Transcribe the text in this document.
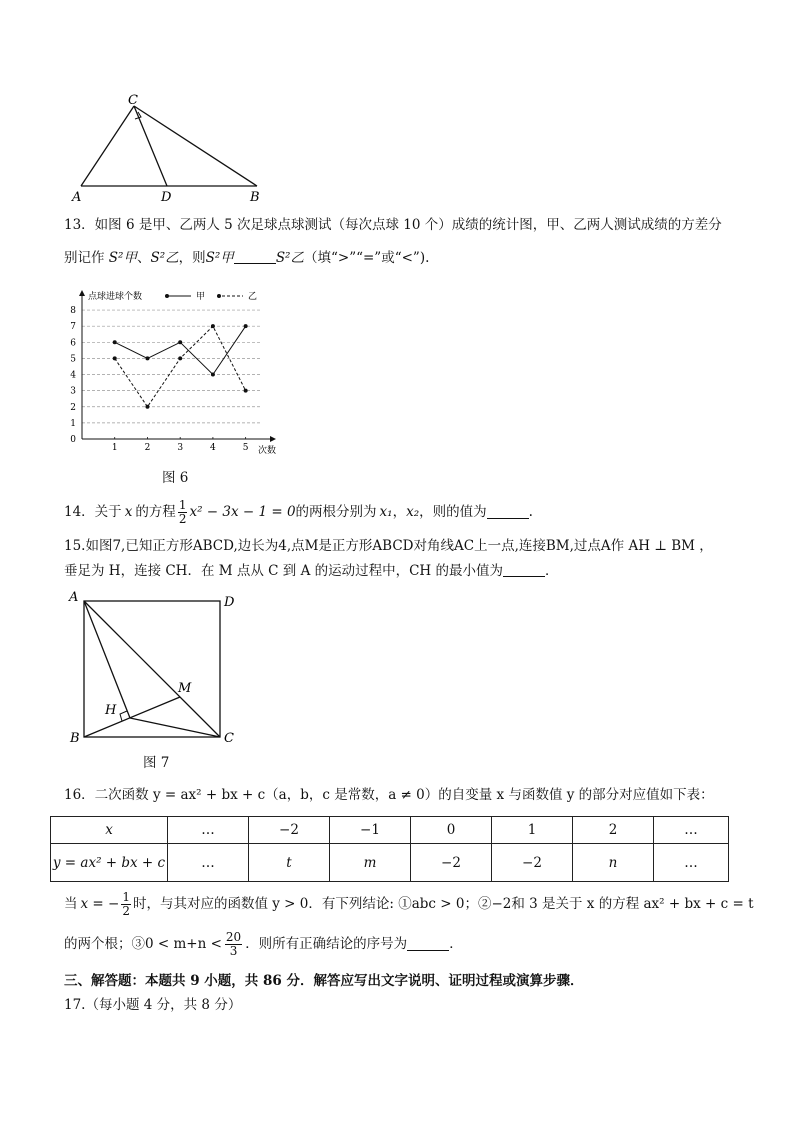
C
A	D	B
13．如图 6 是甲、乙两人 5 次足球点球测试（每次点球 10 个）成绩的统计图，甲、乙两人测试成绩的方差分
别记作 S²甲、S²乙，则S²甲	S²乙（填“>”“=”或“<”).
0
1
2
3
4
5
6
7
8
1	2	3	4	5
甲	乙
点球进球个数
次数
图 6
14．关于 x 的方程 $\frac{1}{2} x^2 - 3x - 1 = 0$ 的两根分别为 x₁ ， x₂ ，则 的值为	.
15.如图7,已知正方形ABCD,边长为4,点M是正方形ABCD对角线AC上一点,连接BM,过点A作 AH ⊥ BM ，
垂足为 H，连接 CH．在 M 点从 C 到 A 的运动过程中，CH 的最小值为	．
A	D
B	C
M
H
图 7
16．二次函数 y = ax² + bx + c（a，b，c 是常数，a ≠ 0）的自变量 x 与函数值 y 的部分对应值如下表：
x	…	−2	−1	0	1	2	…
y = ax² + bx + c	…	t	m	−2	−2	n	…
当 x = − $\frac{1}{2}$ 时，与其对应的函数值 y > 0．有下列结论: ①abc > 0；②−2和 3 是关于 x 的方程 ax² + bx + c = t
的两个根；③0 < $m+n < \frac{20}{3}$ ．则所有正确结论的序号为	．
三、解答题：本题共 9 小题，共 86 分．解答应写出文字说明、证明过程或演算步骤．
17.（每小题 4 分，共 8 分）
